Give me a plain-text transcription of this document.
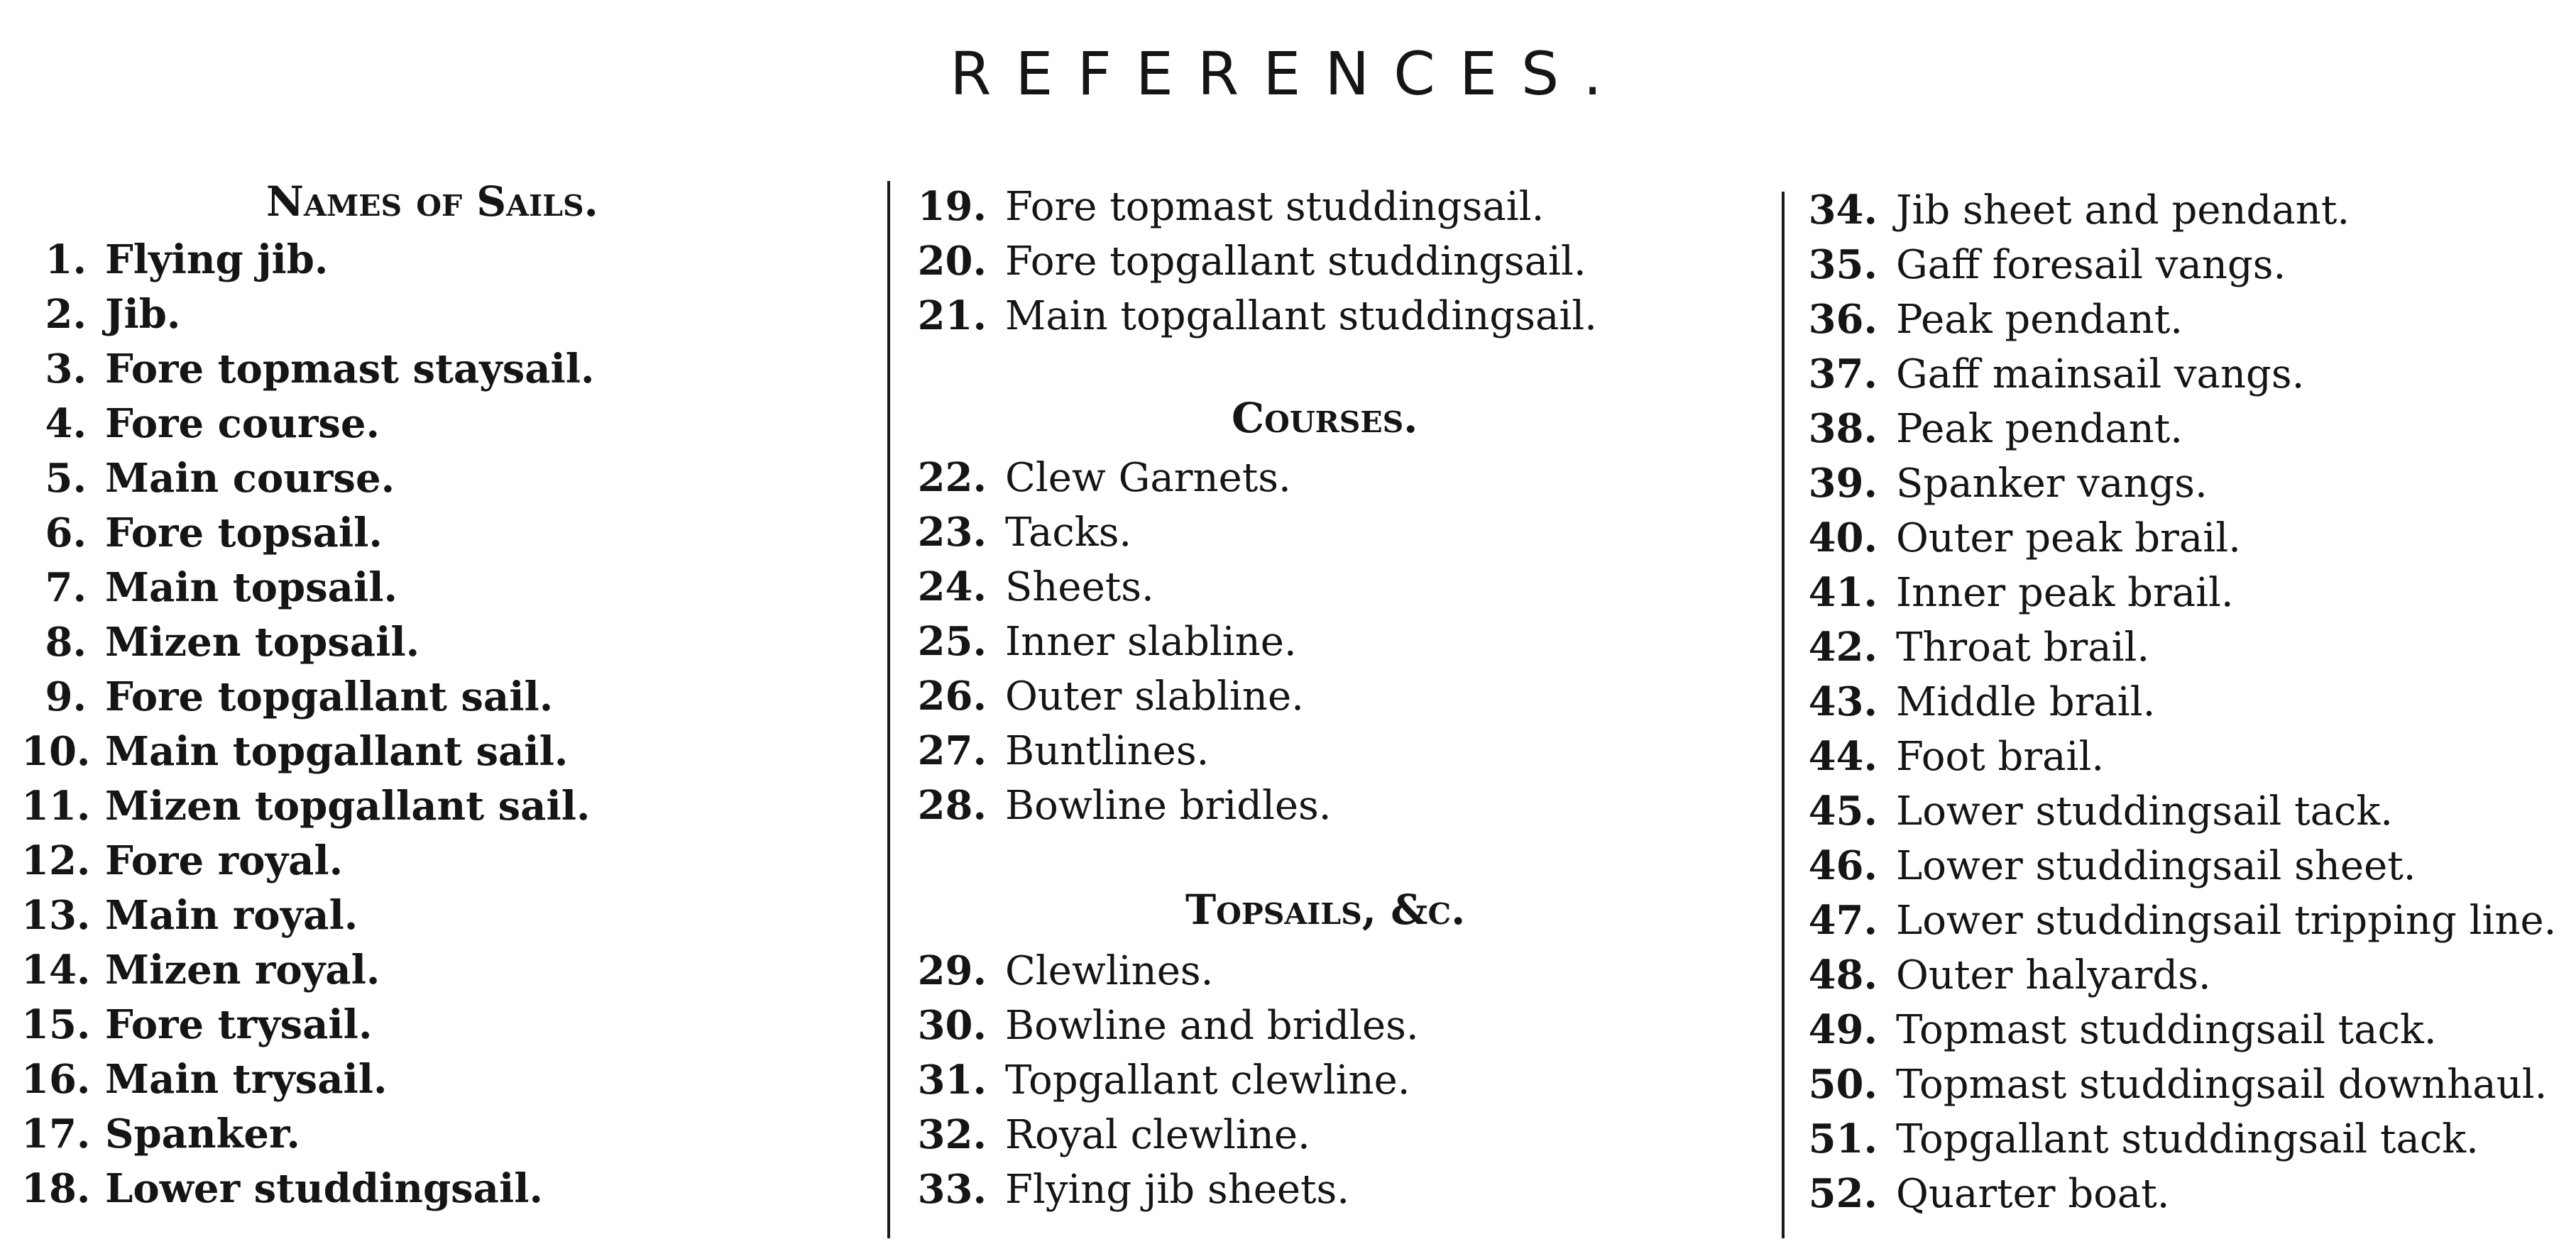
REFERENCES.
Names of Sails.
1. Flying jib.
2. Jib.
3. Fore topmast staysail.
4. Fore course.
5. Main course.
6. Fore topsail.
7. Main topsail.
8. Mizen topsail.
9. Fore topgallant sail.
10. Main topgallant sail.
11. Mizen topgallant sail.
12. Fore royal.
13. Main royal.
14. Mizen royal.
15. Fore trysail.
16. Main trysail.
17. Spanker.
18. Lower studdingsail.
19. Fore topmast studdingsail.
20. Fore topgallant studdingsail.
21. Main topgallant studdingsail.
Courses.
22. Clew Garnets.
23. Tacks.
24. Sheets.
25. Inner slabline.
26. Outer slabline.
27. Buntlines.
28. Bowline bridles.
Topsails, &c.
29. Clewlines.
30. Bowline and bridles.
31. Topgallant clewline.
32. Royal clewline.
33. Flying jib sheets.
34. Jib sheet and pendant.
35. Gaff foresail vangs.
36. Peak pendant.
37. Gaff mainsail vangs.
38. Peak pendant.
39. Spanker vangs.
40. Outer peak brail.
41. Inner peak brail.
42. Throat brail.
43. Middle brail.
44. Foot brail.
45. Lower studdingsail tack.
46. Lower studdingsail sheet.
47. Lower studdingsail tripping line.
48. Outer halyards.
49. Topmast studdingsail tack.
50. Topmast studdingsail downhaul.
51. Topgallant studdingsail tack.
52. Quarter boat.
